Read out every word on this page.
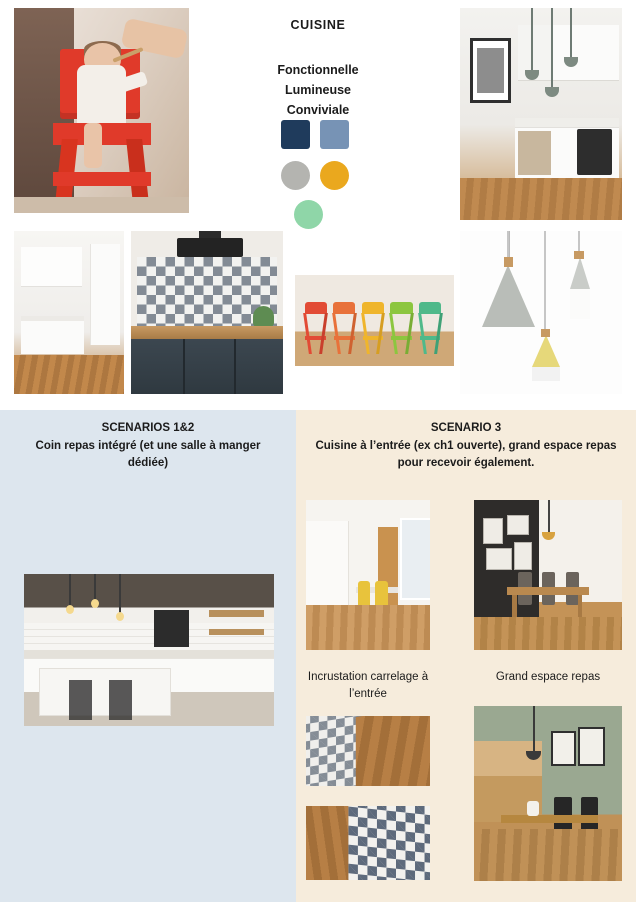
CUISINE
Fonctionnelle
Lumineuse
Conviviale
SCENARIOS 1&2
Coin repas intégré (et une salle à manger dédiée)
SCENARIO 3
Cuisine à l’entrée (ex ch1 ouverte), grand espace repas pour recevoir également.
Incrustation carrelage à l’entrée
Grand espace repas
